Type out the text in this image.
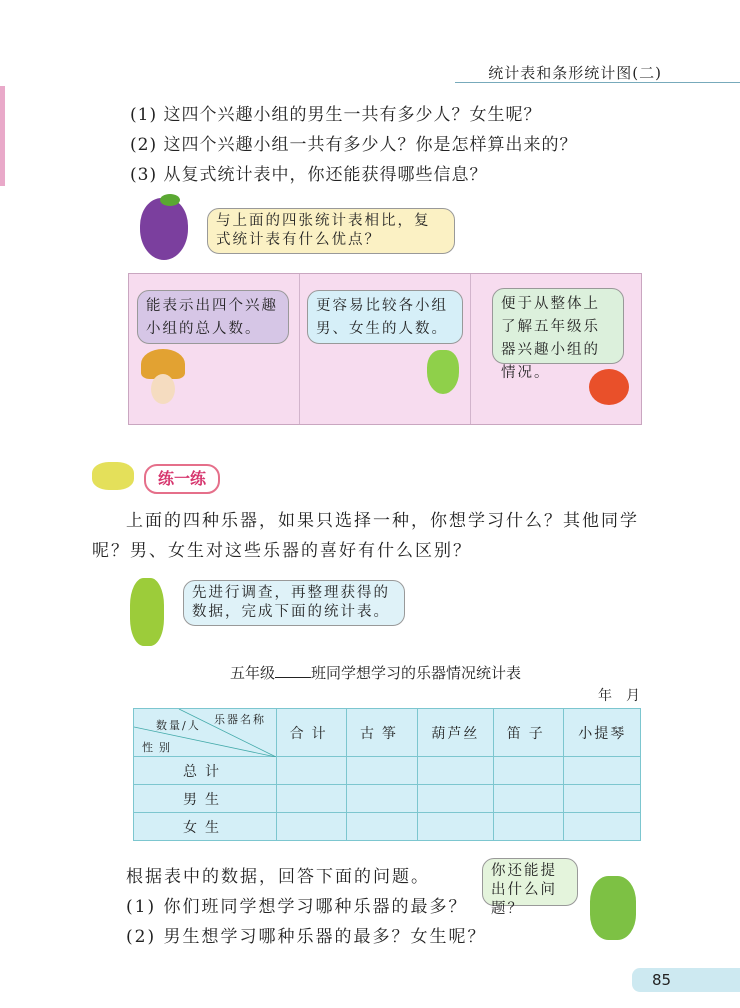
统计表和条形统计图(二)
(1) 这四个兴趣小组的男生一共有多少人？女生呢？
(2) 这四个兴趣小组一共有多少人？你是怎样算出来的？
(3) 从复式统计表中，你还能获得哪些信息？
与上面的四张统计表相比，复式统计表有什么优点？
能表示出四个兴趣小组的总人数。
更容易比较各小组男、女生的人数。
便于从整体上了解五年级乐器兴趣小组的情况。
练一练
上面的四种乐器，如果只选择一种，你想学习什么？其他同学呢？男、女生对这些乐器的喜好有什么区别？
先进行调查，再整理获得的数据，完成下面的统计表。
五年级 班同学想学习的乐器情况统计表
年　月
乐器名称
数量/人
性别	合计	古筝	葫芦丝	笛子	小提琴
总计					
男生					
女生					
根据表中的数据，回答下面的问题。
(1) 你们班同学想学习哪种乐器的最多？
(2) 男生想学习哪种乐器的最多？女生呢？
你还能提出什么问题？
85
